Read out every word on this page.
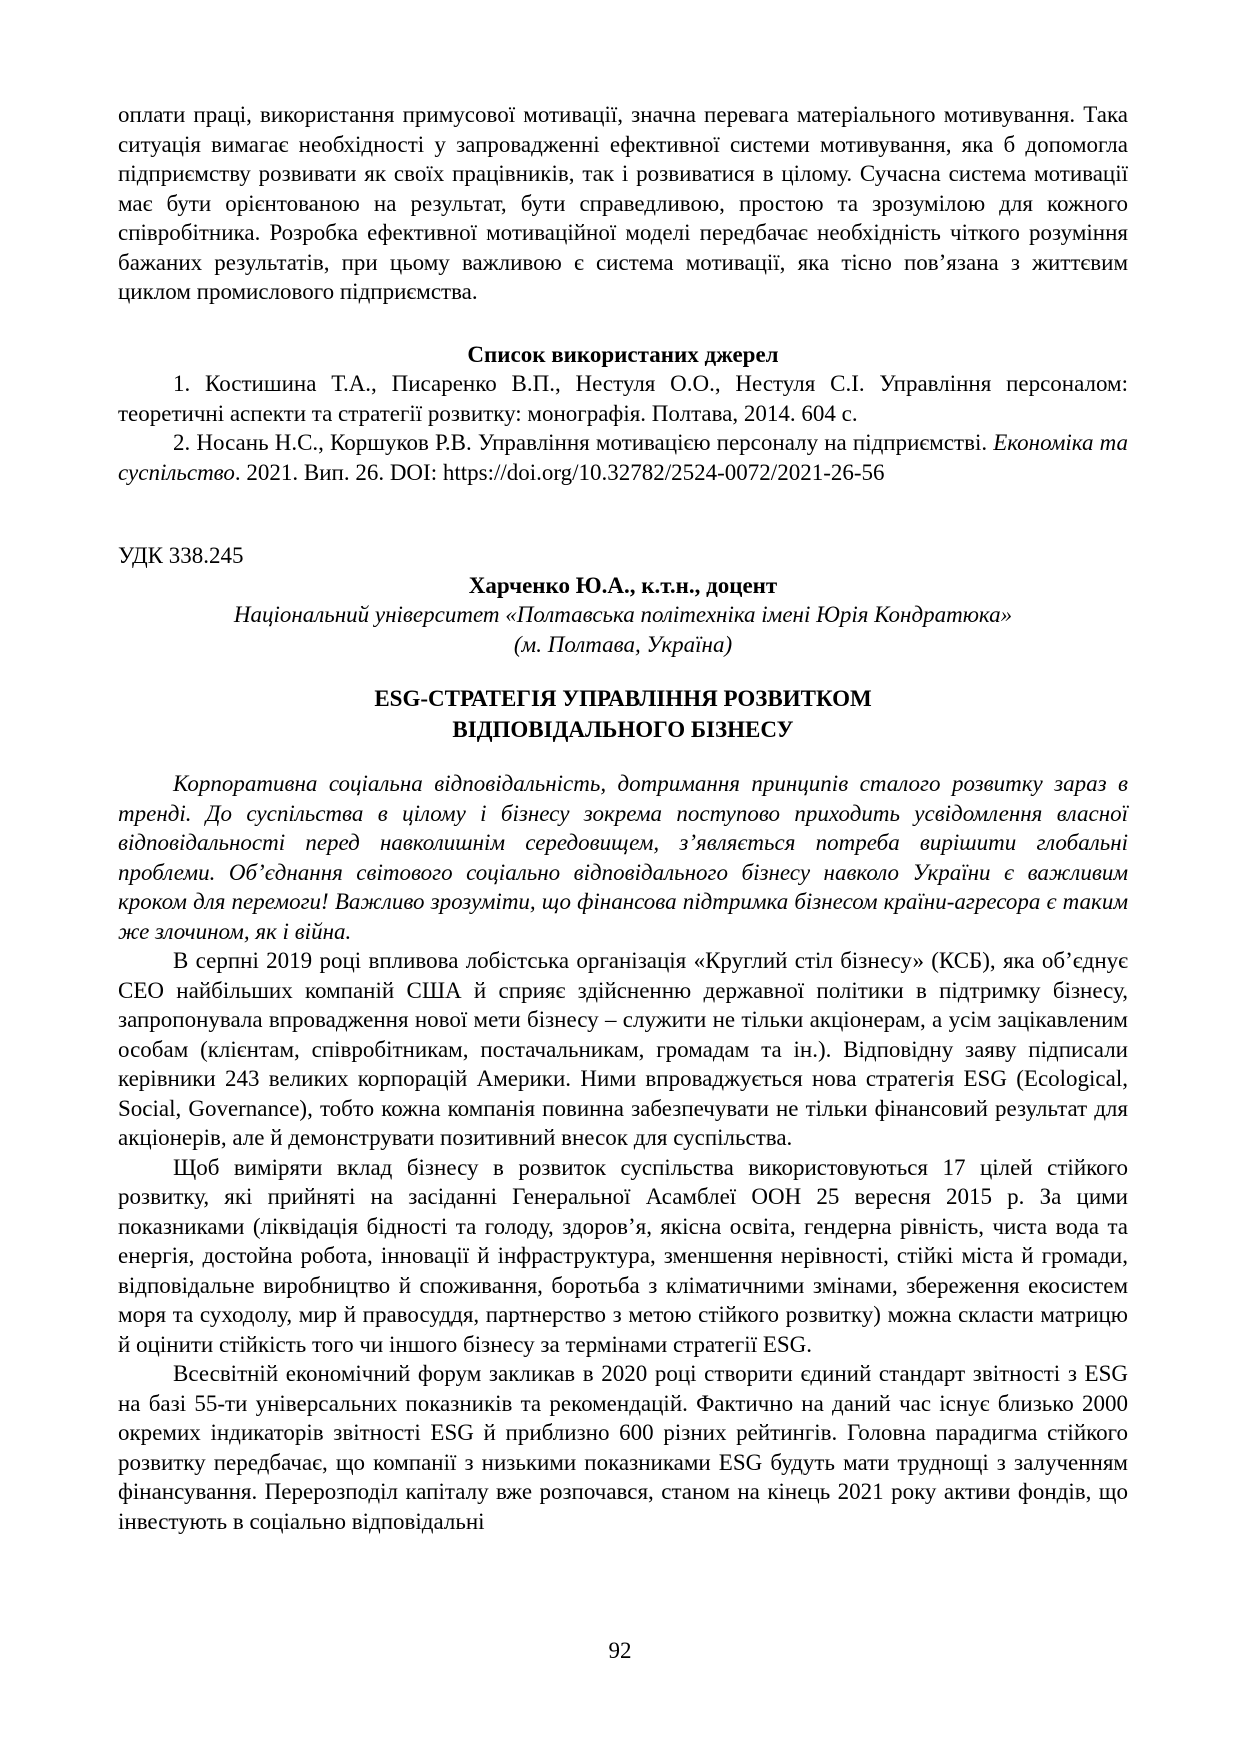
оплати праці, використання примусової мотивації, значна перевага матеріального мотивування. Така ситуація вимагає необхідності у запровадженні ефективної системи мотивування, яка б допомогла підприємству розвивати як своїх працівників, так і розвиватися в цілому. Сучасна система мотивації має бути орієнтованою на результат, бути справедливою, простою та зрозумілою для кожного співробітника. Розробка ефективної мотиваційної моделі передбачає необхідність чіткого розуміння бажаних результатів, при цьому важливою є система мотивації, яка тісно пов’язана з життєвим циклом промислового підприємства.

Список використаних джерел

1. Костишина Т.А., Писаренко В.П., Нестуля О.О., Нестуля С.І. Управління персоналом: теоретичні аспекти та стратегії розвитку: монографія. Полтава, 2014. 604 с.

2. Носань Н.С., Коршуков Р.В. Управління мотивацією персоналу на підприємстві. Економіка та суспільство. 2021. Вип. 26. DOI: https://doi.org/10.32782/2524-0072/2021-26-56

УДК 338.245

Харченко Ю.А., к.т.н., доцент

Національний університет «Полтавська політехніка імені Юрія Кондратюка»

(м. Полтава, Україна)

ESG-СТРАТЕГІЯ УПРАВЛІННЯ РОЗВИТКОМ
ВІДПОВІДАЛЬНОГО БІЗНЕСУ

Корпоративна соціальна відповідальність, дотримання принципів сталого розвитку зараз в тренді. До суспільства в цілому і бізнесу зокрема поступово приходить усвідомлення власної відповідальності перед навколишнім середовищем, з’являється потреба вирішити глобальні проблеми. Об’єднання світового соціально відповідального бізнесу навколо України є важливим кроком для перемоги! Важливо зрозуміти, що фінансова підтримка бізнесом країни-агресора є таким же злочином, як і війна.

В серпні 2019 році впливова лобістська організація «Круглий стіл бізнесу» (КСБ), яка об’єднує СЕО найбільших компаній США й сприяє здійсненню державної політики в підтримку бізнесу, запропонувала впровадження нової мети бізнесу – служити не тільки акціонерам, а усім зацікавленим особам (клієнтам, співробітникам, постачальникам, громадам та ін.). Відповідну заяву підписали керівники 243 великих корпорацій Америки. Ними впроваджується нова стратегія ESG (Ecological, Social, Governance), тобто кожна компанія повинна забезпечувати не тільки фінансовий результат для акціонерів, але й демонструвати позитивний внесок для суспільства.

Щоб виміряти вклад бізнесу в розвиток суспільства використовуються 17 цілей стійкого розвитку, які прийняті на засіданні Генеральної Асамблеї ООН 25 вересня 2015 р. За цими показниками (ліквідація бідності та голоду, здоров’я, якісна освіта, гендерна рівність, чиста вода та енергія, достойна робота, інновації й інфраструктура, зменшення нерівності, стійкі міста й громади, відповідальне виробництво й споживання, боротьба з кліматичними змінами, збереження екосистем моря та суходолу, мир й правосуддя, партнерство з метою стійкого розвитку) можна скласти матрицю й оцінити стійкість того чи іншого бізнесу за термінами стратегії ESG.

Всесвітній економічний форум закликав в 2020 році створити єдиний стандарт звітності з ESG на базі 55-ти універсальних показників та рекомендацій. Фактично на даний час існує близько 2000 окремих індикаторів звітності ESG й приблизно 600 різних рейтингів. Головна парадигма стійкого розвитку передбачає, що компанії з низькими показниками ESG будуть мати труднощі з залученням фінансування. Перерозподіл капіталу вже розпочався, станом на кінець 2021 року активи фондів, що інвестують в соціально відповідальні

92
